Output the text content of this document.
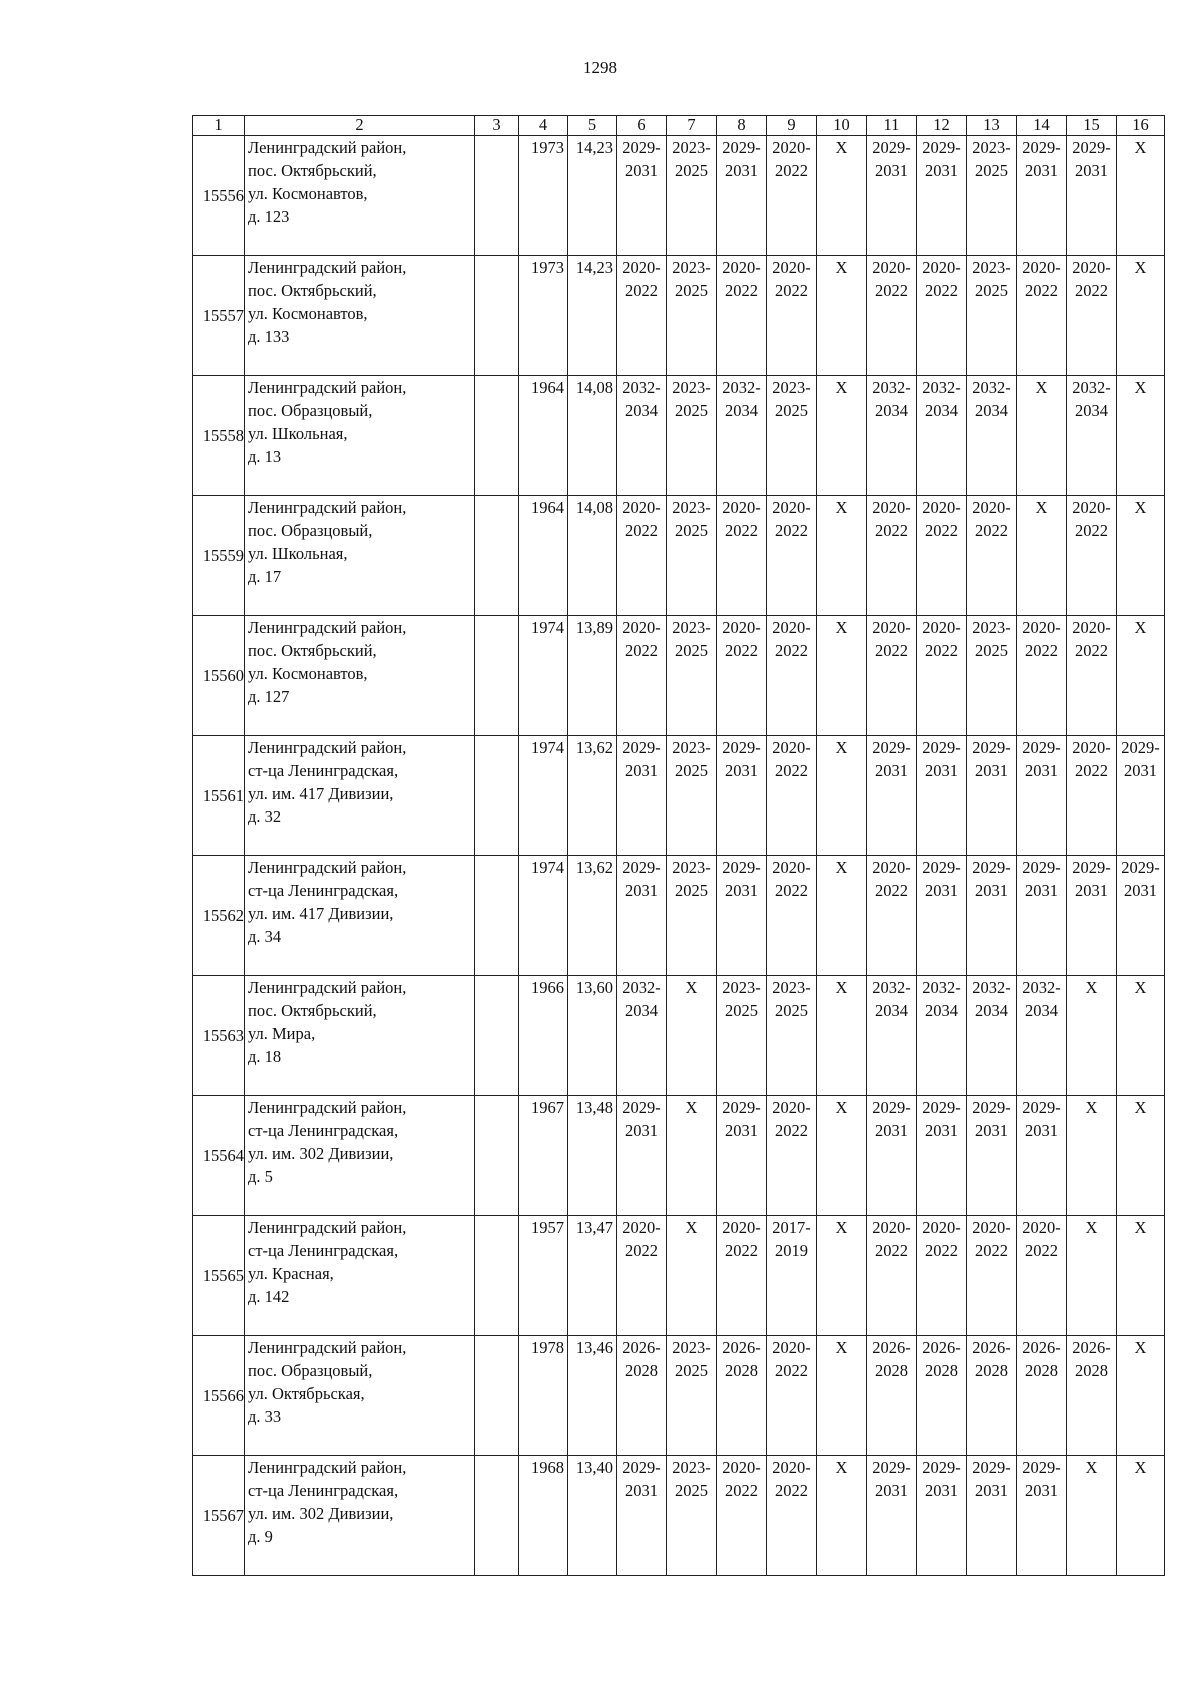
1298
1	2	3	4	5	6	7	8	9	10	11	12	13	14	15	16
15556	Ленинградский район,
пос. Октябрьский,
ул. Космонавтов,
д. 123		1973	14,23	2029-
2031	2023-
2025	2029-
2031	2020-
2022	X	2029-
2031	2029-
2031	2023-
2025	2029-
2031	2029-
2031	X

15557	Ленинградский район,
пос. Октябрьский,
ул. Космонавтов,
д. 133		1973	14,23	2020-
2022	2023-
2025	2020-
2022	2020-
2022	X	2020-
2022	2020-
2022	2023-
2025	2020-
2022	2020-
2022	X

15558	Ленинградский район,
пос. Образцовый,
ул. Школьная,
д. 13		1964	14,08	2032-
2034	2023-
2025	2032-
2034	2023-
2025	X	2032-
2034	2032-
2034	2032-
2034	X	2032-
2034	X

15559	Ленинградский район,
пос. Образцовый,
ул. Школьная,
д. 17		1964	14,08	2020-
2022	2023-
2025	2020-
2022	2020-
2022	X	2020-
2022	2020-
2022	2020-
2022	X	2020-
2022	X

15560	Ленинградский район,
пос. Октябрьский,
ул. Космонавтов,
д. 127		1974	13,89	2020-
2022	2023-
2025	2020-
2022	2020-
2022	X	2020-
2022	2020-
2022	2023-
2025	2020-
2022	2020-
2022	X

15561	Ленинградский район,
ст-ца Ленинградская,
ул. им. 417 Дивизии,
д. 32		1974	13,62	2029-
2031	2023-
2025	2029-
2031	2020-
2022	X	2029-
2031	2029-
2031	2029-
2031	2029-
2031	2020-
2022	2029-
2031

15562	Ленинградский район,
ст-ца Ленинградская,
ул. им. 417 Дивизии,
д. 34		1974	13,62	2029-
2031	2023-
2025	2029-
2031	2020-
2022	X	2020-
2022	2029-
2031	2029-
2031	2029-
2031	2029-
2031	2029-
2031

15563	Ленинградский район,
пос. Октябрьский,
ул. Мира,
д. 18		1966	13,60	2032-
2034	X	2023-
2025	2023-
2025	X	2032-
2034	2032-
2034	2032-
2034	2032-
2034	X	X

15564	Ленинградский район,
ст-ца Ленинградская,
ул. им. 302 Дивизии,
д. 5		1967	13,48	2029-
2031	X	2029-
2031	2020-
2022	X	2029-
2031	2029-
2031	2029-
2031	2029-
2031	X	X

15565	Ленинградский район,
ст-ца Ленинградская,
ул. Красная,
д. 142		1957	13,47	2020-
2022	X	2020-
2022	2017-
2019	X	2020-
2022	2020-
2022	2020-
2022	2020-
2022	X	X

15566	Ленинградский район,
пос. Образцовый,
ул. Октябрьская,
д. 33		1978	13,46	2026-
2028	2023-
2025	2026-
2028	2020-
2022	X	2026-
2028	2026-
2028	2026-
2028	2026-
2028	2026-
2028	X

15567	Ленинградский район,
ст-ца Ленинградская,
ул. им. 302 Дивизии,
д. 9		1968	13,40	2029-
2031	2023-
2025	2020-
2022	2020-
2022	X	2029-
2031	2029-
2031	2029-
2031	2029-
2031	X	X
